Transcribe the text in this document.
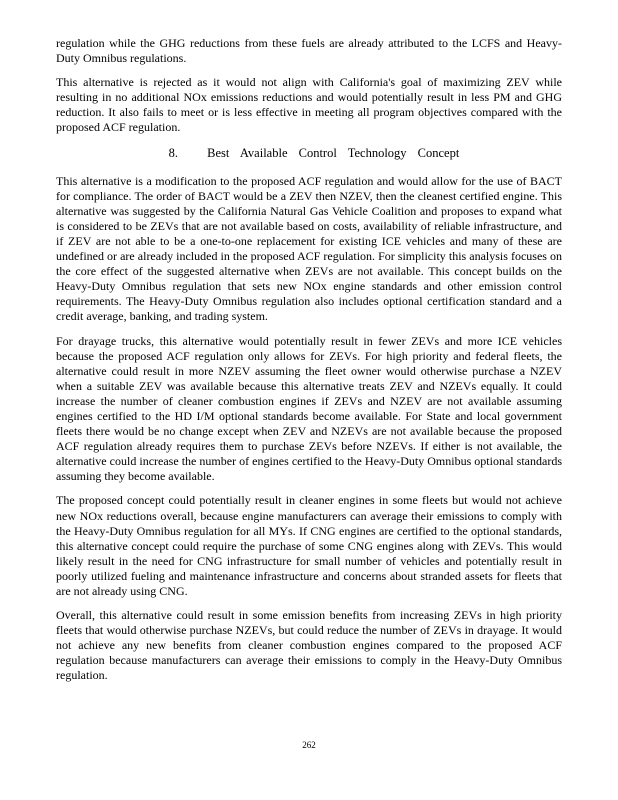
regulation while the GHG reductions from these fuels are already attributed to the LCFS and Heavy-Duty Omnibus regulations.

This alternative is rejected as it would not align with California's goal of maximizing ZEV while resulting in no additional NOx emissions reductions and would potentially result in less PM and GHG reduction. It also fails to meet or is less effective in meeting all program objectives compared with the proposed ACF regulation.

8. Best Available Control Technology Concept

This alternative is a modification to the proposed ACF regulation and would allow for the use of BACT for compliance. The order of BACT would be a ZEV then NZEV, then the cleanest certified engine. This alternative was suggested by the California Natural Gas Vehicle Coalition and proposes to expand what is considered to be ZEVs that are not available based on costs, availability of reliable infrastructure, and if ZEV are not able to be a one-to-one replacement for existing ICE vehicles and many of these are undefined or are already included in the proposed ACF regulation. For simplicity this analysis focuses on the core effect of the suggested alternative when ZEVs are not available. This concept builds on the Heavy-Duty Omnibus regulation that sets new NOx engine standards and other emission control requirements. The Heavy-Duty Omnibus regulation also includes optional certification standard and a credit average, banking, and trading system.

For drayage trucks, this alternative would potentially result in fewer ZEVs and more ICE vehicles because the proposed ACF regulation only allows for ZEVs. For high priority and federal fleets, the alternative could result in more NZEV assuming the fleet owner would otherwise purchase a NZEV when a suitable ZEV was available because this alternative treats ZEV and NZEVs equally. It could increase the number of cleaner combustion engines if ZEVs and NZEV are not available assuming engines certified to the HD I/M optional standards become available. For State and local government fleets there would be no change except when ZEV and NZEVs are not available because the proposed ACF regulation already requires them to purchase ZEVs before NZEVs. If either is not available, the alternative could increase the number of engines certified to the Heavy-Duty Omnibus optional standards assuming they become available.

The proposed concept could potentially result in cleaner engines in some fleets but would not achieve new NOx reductions overall, because engine manufacturers can average their emissions to comply with the Heavy-Duty Omnibus regulation for all MYs. If CNG engines are certified to the optional standards, this alternative concept could require the purchase of some CNG engines along with ZEVs. This would likely result in the need for CNG infrastructure for small number of vehicles and potentially result in poorly utilized fueling and maintenance infrastructure and concerns about stranded assets for fleets that are not already using CNG.

Overall, this alternative could result in some emission benefits from increasing ZEVs in high priority fleets that would otherwise purchase NZEVs, but could reduce the number of ZEVs in drayage. It would not achieve any new benefits from cleaner combustion engines compared to the proposed ACF regulation because manufacturers can average their emissions to comply in the Heavy-Duty Omnibus regulation.

262
